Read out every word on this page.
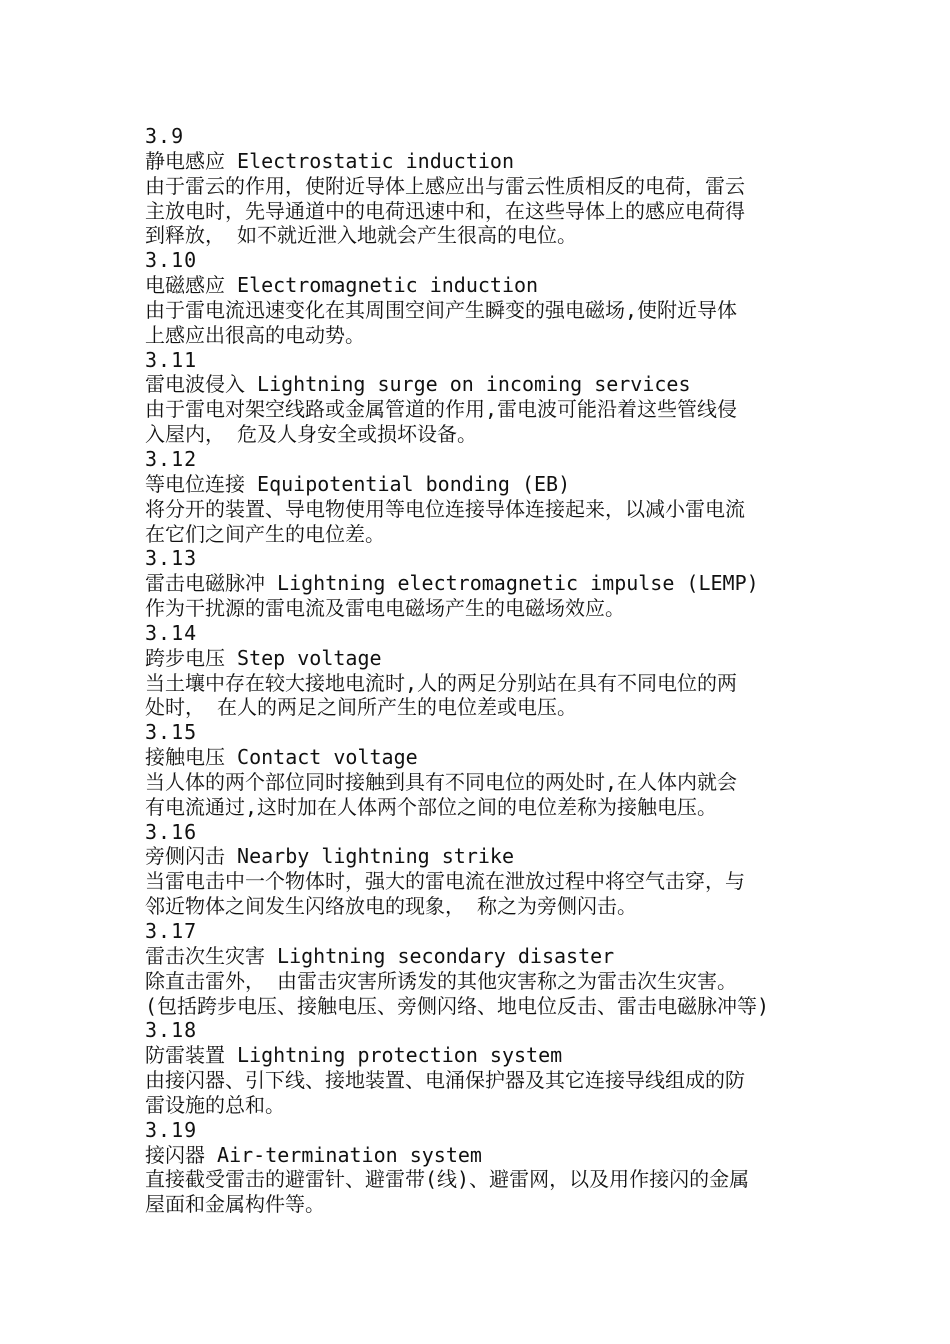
3.9
静电感应 Electrostatic induction
由于雷云的作用，使附近导体上感应出与雷云性质相反的电荷，雷云
主放电时，先导通道中的电荷迅速中和，在这些导体上的感应电荷得
到释放， 如不就近泄入地就会产生很高的电位。
3.10
电磁感应 Electromagnetic induction
由于雷电流迅速变化在其周围空间产生瞬变的强电磁场,使附近导体
上感应出很高的电动势。
3.11
雷电波侵入 Lightning surge on incoming services
由于雷电对架空线路或金属管道的作用,雷电波可能沿着这些管线侵
入屋内， 危及人身安全或损坏设备。
3.12
等电位连接 Equipotential bonding (EB)
将分开的装置、导电物使用等电位连接导体连接起来，以减小雷电流
在它们之间产生的电位差。
3.13
雷击电磁脉冲 Lightning electromagnetic impulse (LEMP)
作为干扰源的雷电流及雷电电磁场产生的电磁场效应。
3.14
跨步电压 Step voltage
当土壤中存在较大接地电流时,人的两足分别站在具有不同电位的两
处时， 在人的两足之间所产生的电位差或电压。
3.15
接触电压 Contact voltage
当人体的两个部位同时接触到具有不同电位的两处时,在人体内就会
有电流通过,这时加在人体两个部位之间的电位差称为接触电压。
3.16
旁侧闪击 Nearby lightning strike
当雷电击中一个物体时，强大的雷电流在泄放过程中将空气击穿，与
邻近物体之间发生闪络放电的现象， 称之为旁侧闪击。
3.17
雷击次生灾害 Lightning secondary disaster
除直击雷外， 由雷击灾害所诱发的其他灾害称之为雷击次生灾害。
(包括跨步电压、接触电压、旁侧闪络、地电位反击、雷击电磁脉冲等)
3.18
防雷装置 Lightning protection system
由接闪器、引下线、接地装置、电涌保护器及其它连接导线组成的防
雷设施的总和。
3.19
接闪器 Air-termination system
直接截受雷击的避雷针、避雷带(线)、避雷网，以及用作接闪的金属
屋面和金属构件等。
